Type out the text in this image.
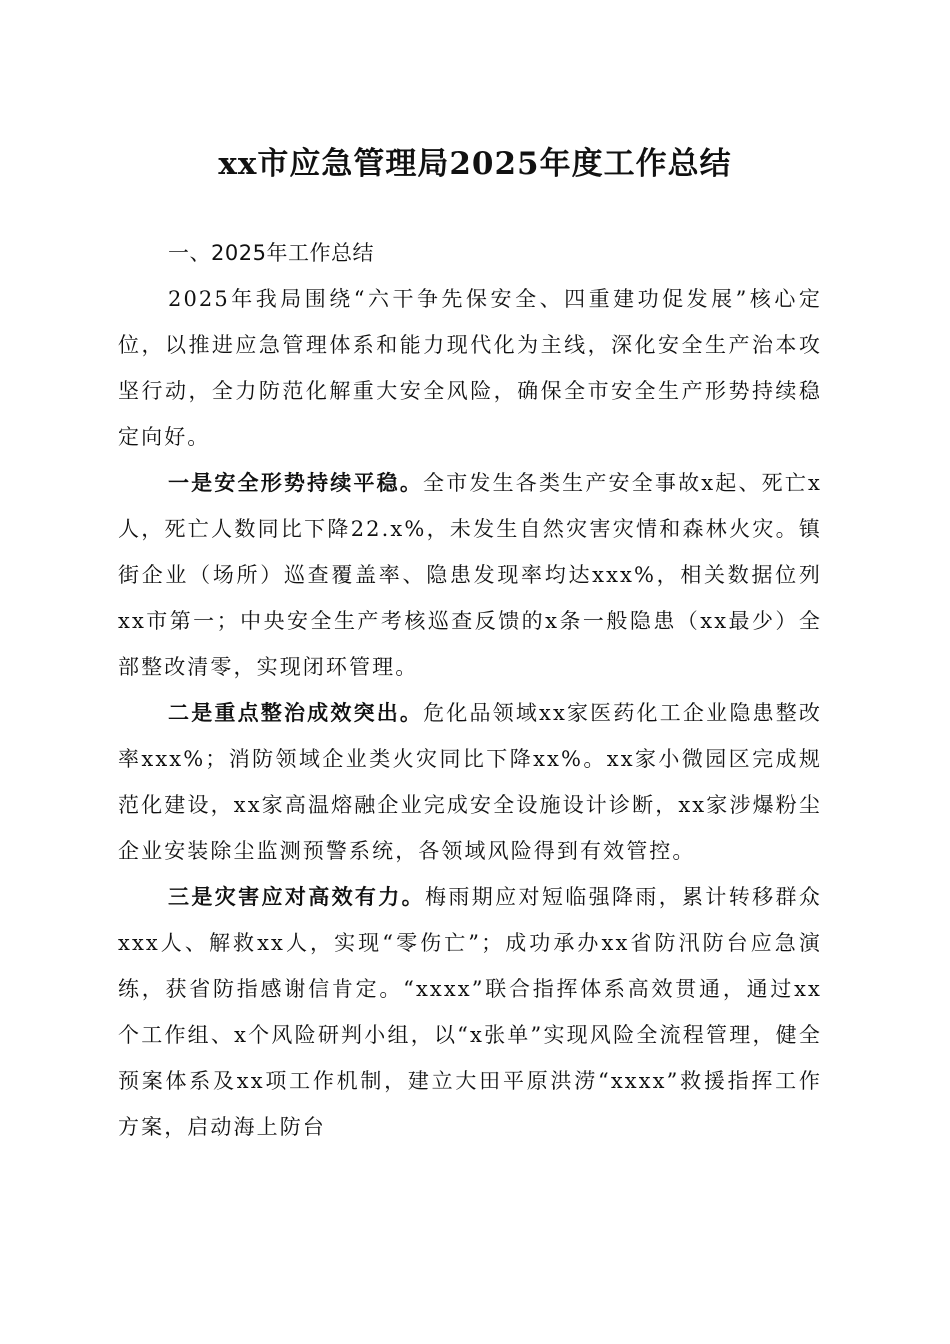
xx市应急管理局2025年度工作总结

一、2025年工作总结

2025年我局围绕“六干争先保安全、四重建功促发展”核心定位，以推进应急管理体系和能力现代化为主线，深化安全生产治本攻坚行动，全力防范化解重大安全风险，确保全市安全生产形势持续稳定向好。

一是安全形势持续平稳。全市发生各类生产安全事故x起、死亡x人，死亡人数同比下降22.x%，未发生自然灾害灾情和森林火灾。镇街企业（场所）巡查覆盖率、隐患发现率均达xxx%，相关数据位列xx市第一；中央安全生产考核巡查反馈的x条一般隐患（xx最少）全部整改清零，实现闭环管理。

二是重点整治成效突出。危化品领域xx家医药化工企业隐患整改率xxx%；消防领域企业类火灾同比下降xx%。xx家小微园区完成规范化建设，xx家高温熔融企业完成安全设施设计诊断，xx家涉爆粉尘企业安装除尘监测预警系统，各领域风险得到有效管控。

三是灾害应对高效有力。梅雨期应对短临强降雨，累计转移群众xxx人、解救xx人，实现“零伤亡”；成功承办xx省防汛防台应急演练，获省防指感谢信肯定。“xxxx”联合指挥体系高效贯通，通过xx个工作组、x个风险研判小组，以“x张单”实现风险全流程管理，健全预案体系及xx项工作机制，建立大田平原洪涝“xxxx”救援指挥工作方案，启动海上防台
